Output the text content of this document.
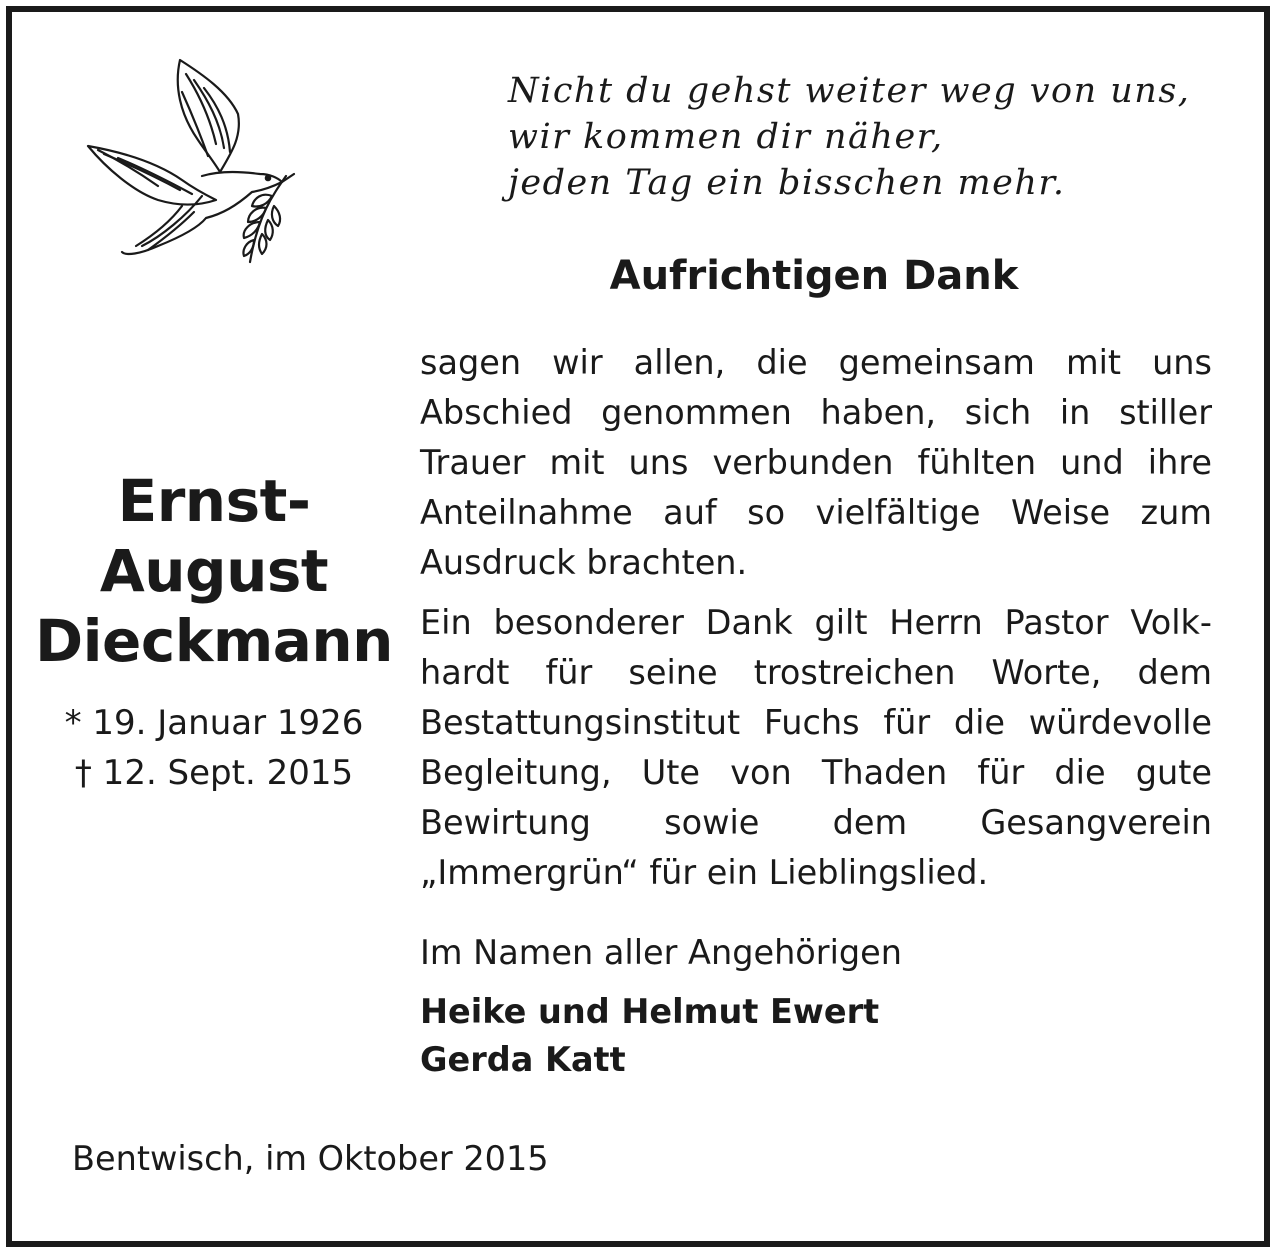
Nicht du gehst weiter weg von uns,
wir kommen dir näher,
jeden Tag ein bisschen mehr.
Aufrichtigen Dank
sagen wir allen, die gemeinsam mit uns Abschied genommen haben, sich in stiller Trauer mit uns verbunden fühlten und ihre Anteilnahme auf so vielfältige Weise zum Ausdruck brachten.
Ein besonderer Dank gilt Herrn Pastor Volkhardt für seine trostreichen Worte, dem Bestattungsinstitut Fuchs für die würdevolle Begleitung, Ute von Thaden für die gute Bewirtung sowie dem Gesangverein „Immergrün“ für ein Lieblingslied.
Ernst-
August
Dieckmann
* 19. Januar 1926
† 12. Sept. 2015
Im Namen aller Angehörigen
Heike und Helmut Ewert
Gerda Katt
Bentwisch, im Oktober 2015
